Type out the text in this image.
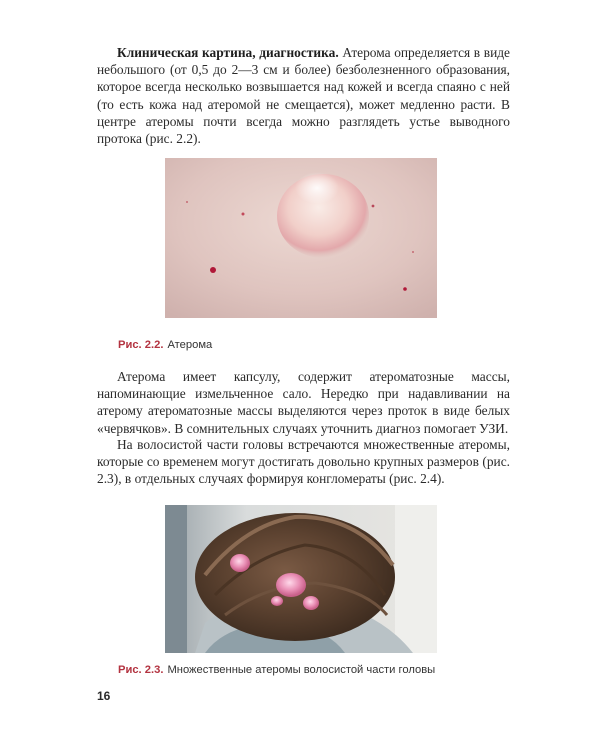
Клиническая картина, диагностика. Атерома определяется в виде небольшого (от 0,5 до 2—3 см и более) безболезненного образования, которое всегда несколько возвышается над кожей и всегда спаяно с ней (то есть кожа над атеромой не смещается), может медленно расти. В центре атеромы почти всегда можно разглядеть устье выводного протока (рис. 2.2).

Рис. 2.2. Атерома

Атерома имеет капсулу, содержит атероматозные массы, напоминающие измельченное сало. Нередко при надавливании на атерому атероматозные массы выделяются через проток в виде белых «червячков». В сомнительных случаях уточнить диагноз помогает УЗИ.

На волосистой части головы встречаются множественные атеромы, которые со временем могут достигать довольно крупных размеров (рис. 2.3), в отдельных случаях формируя конгломераты (рис. 2.4).

Рис. 2.3. Множественные атеромы волосистой части головы
16
